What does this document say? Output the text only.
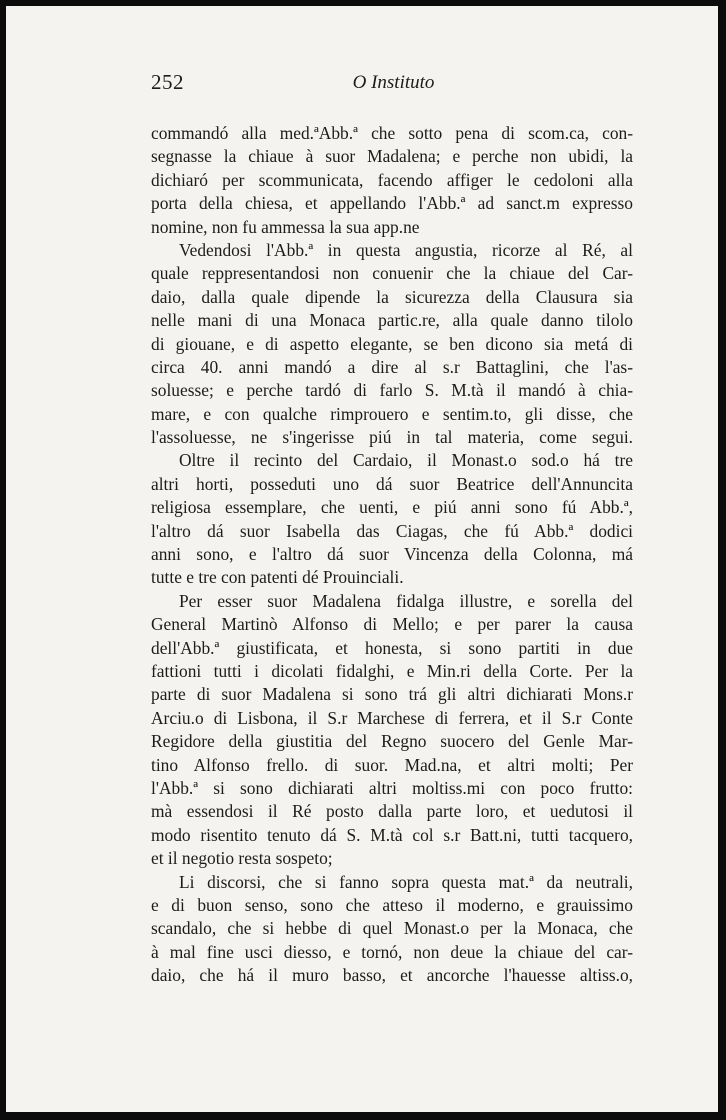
252	O Instituto
commandó alla med.ªAbb.ª che sotto pena di scom.ca, con-
segnasse la chiaue à suor Madalena; e perche non ubidi, la
dichiaró per scommunicata, facendo affiger le cedoloni alla
porta della chiesa, et appellando l'Abb.ª ad sanct.m expresso
nomine, non fu ammessa la sua app.ne
Vedendosi l'Abb.ª in questa angustia, ricorze al Ré, al
quale reppresentandosi non conuenir che la chiaue del Car-
daio, dalla quale dipende la sicurezza della Clausura sia
nelle mani di una Monaca partic.re, alla quale danno tilolo
di giouane, e di aspetto elegante, se ben dicono sia metá di
circa 40. anni mandó a dire al s.r Battaglini, che l'as-
soluesse; e perche tardó di farlo S. M.tà il mandó à chia-
mare, e con qualche rimprouero e sentim.to, gli disse, che
l'assoluesse, ne s'ingerisse piú in tal materia, come segui.
Oltre il recinto del Cardaio, il Monast.o sod.o há tre
altri horti, posseduti uno dá suor Beatrice dell'Annuncita
religiosa essemplare, che uenti, e piú anni sono fú Abb.ª,
l'altro dá suor Isabella das Ciagas, che fú Abb.ª dodici
anni sono, e l'altro dá suor Vincenza della Colonna, má
tutte e tre con patenti dé Prouinciali.
Per esser suor Madalena fidalga illustre, e sorella del
General Martinò Alfonso di Mello; e per parer la causa
dell'Abb.ª giustificata, et honesta, si sono partiti in due
fattioni tutti i dicolati fidalghi, e Min.ri della Corte. Per la
parte di suor Madalena si sono trá gli altri dichiarati Mons.r
Arciu.o di Lisbona, il S.r Marchese di ferrera, et il S.r Conte
Regidore della giustitia del Regno suocero del Genle Mar-
tino Alfonso frello. di suor. Mad.na, et altri molti; Per
l'Abb.ª si sono dichiarati altri moltiss.mi con poco frutto:
mà essendosi il Ré posto dalla parte loro, et uedutosi il
modo risentito tenuto dá S. M.tà col s.r Batt.ni, tutti tacquero,
et il negotio resta sospeto;
Li discorsi, che si fanno sopra questa mat.ª da neutrali,
e di buon senso, sono che atteso il moderno, e grauissimo
scandalo, che si hebbe di quel Monast.o per la Monaca, che
à mal fine usci diesso, e tornó, non deue la chiaue del car-
daio, che há il muro basso, et ancorche l'hauesse altiss.o,
